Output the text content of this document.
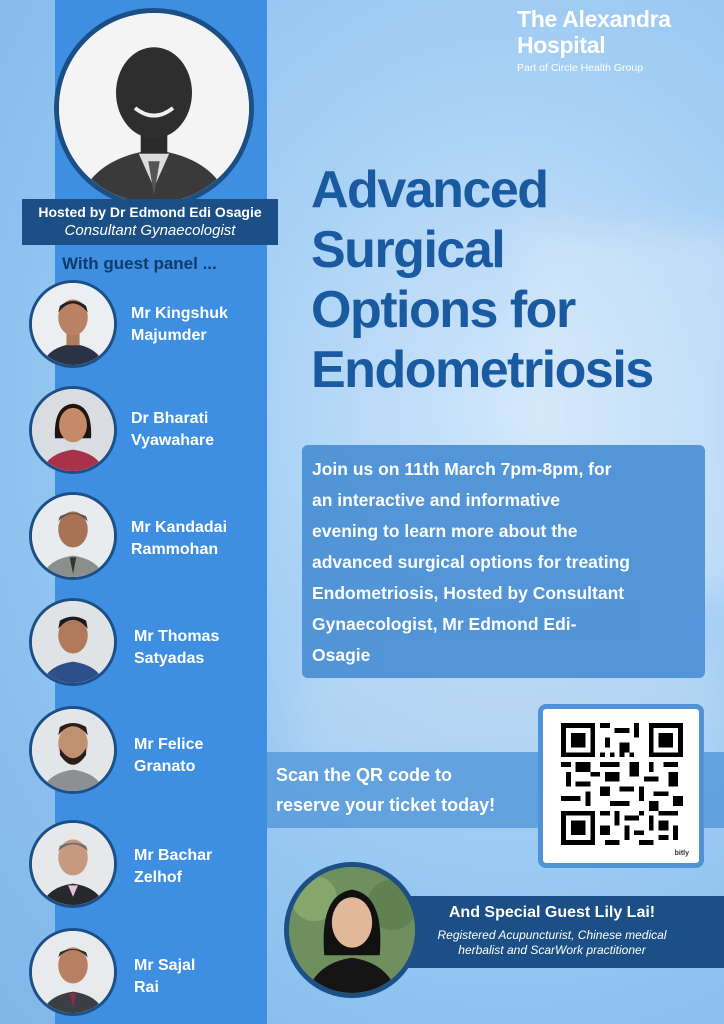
Hosted by Dr Edmond Edi Osagie
Consultant Gynaecologist
With guest panel ...
Mr Kingshuk
Majumder
Dr Bharati
Vyawahare
Mr Kandadai
Rammohan
Mr Thomas
Satyadas
Mr Felice
Granato
Mr Bachar
Zelhof
Mr Sajal
Rai
The Alexandra
Hospital
Part of Circle Health Group
Advanced
Surgical
Options for
Endometriosis
Join us on 11th March 7pm-8pm, for
an interactive and informative
evening to learn more about the
advanced surgical options for treating
Endometriosis, Hosted by Consultant
Gynaecologist, Mr Edmond Edi-
Osagie
Scan the QR code to
reserve your ticket today!
bitly
And Special Guest Lily Lai!
Registered Acupuncturist, Chinese medical
herbalist and ScarWork practitioner
